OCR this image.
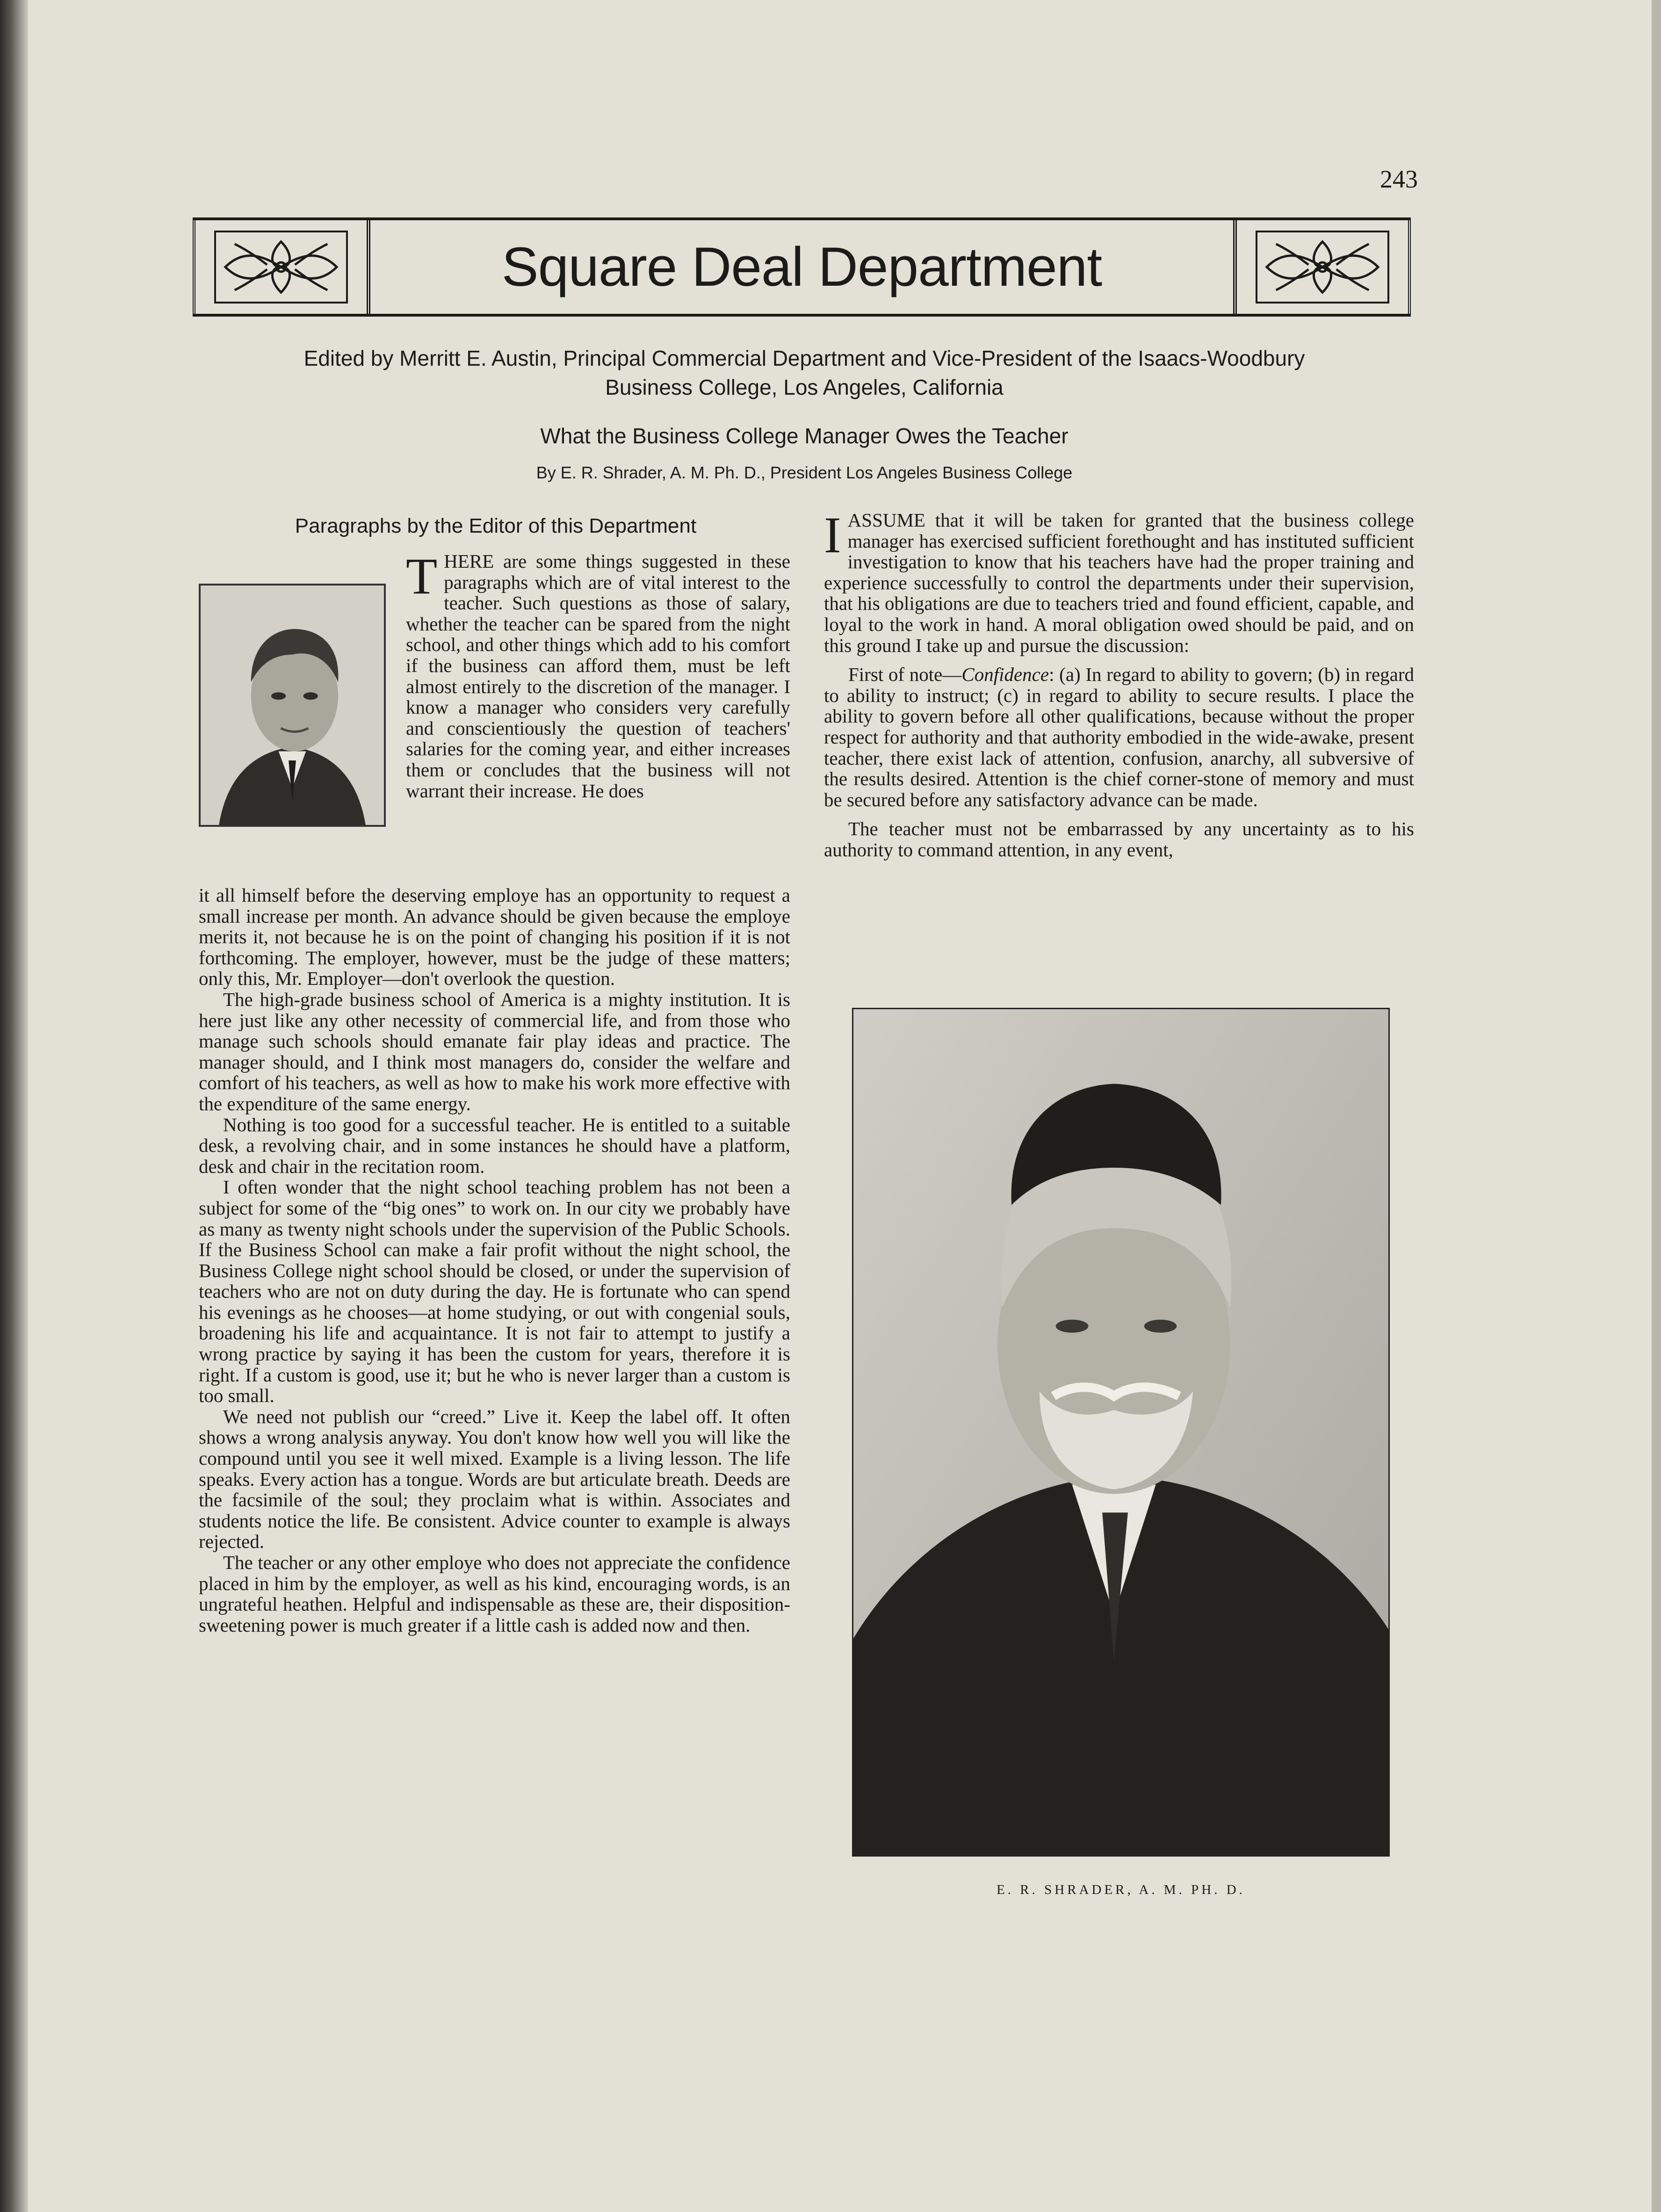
243
Square Deal Department
Edited by Merritt E. Austin, Principal Commercial Department and Vice-President of the Isaacs-Woodbury
Business College, Los Angeles, California
What the Business College Manager Owes the Teacher
By E. R. Shrader, A. M. Ph. D., President Los Angeles Business College
Paragraphs by the Editor of this Department

THERE are some things suggested in these paragraphs which are of vital interest to the teacher. Such questions as those of salary, whether the teacher can be spared from the night school, and other things which add to his comfort if the business can afford them, must be left almost entirely to the discretion of the manager. I know a manager who considers very carefully and conscientiously the question of teachers' salaries for the coming year, and either increases them or concludes that the business will not warrant their increase. He does

it all himself before the deserving employe has an opportunity to request a small increase per month. An advance should be given because the employe merits it, not because he is on the point of changing his position if it is not forthcoming. The employer, however, must be the judge of these matters; only this, Mr. Employer—don't overlook the question.

The high-grade business school of America is a mighty institution. It is here just like any other necessity of commercial life, and from those who manage such schools should emanate fair play ideas and practice. The manager should, and I think most managers do, consider the welfare and comfort of his teachers, as well as how to make his work more effective with the expenditure of the same energy.

Nothing is too good for a successful teacher. He is entitled to a suitable desk, a revolving chair, and in some instances he should have a platform, desk and chair in the recitation room.

I often wonder that the night school teaching problem has not been a subject for some of the “big ones” to work on. In our city we probably have as many as twenty night schools under the supervision of the Public Schools. If the Business School can make a fair profit without the night school, the Business College night school should be closed, or under the supervision of teachers who are not on duty during the day. He is fortunate who can spend his evenings as he chooses—at home studying, or out with congenial souls, broadening his life and acquaintance. It is not fair to attempt to justify a wrong practice by saying it has been the custom for years, therefore it is right. If a custom is good, use it; but he who is never larger than a custom is too small.

We need not publish our “creed.” Live it. Keep the label off. It often shows a wrong analysis anyway. You don't know how well you will like the compound until you see it well mixed. Example is a living lesson. The life speaks. Every action has a tongue. Words are but articulate breath. Deeds are the facsimile of the soul; they proclaim what is within. Associates and students notice the life. Be consistent. Advice counter to example is always rejected.

The teacher or any other employe who does not appreciate the confidence placed in him by the employer, as well as his kind, encouraging words, is an ungrateful heathen. Helpful and indispensable as these are, their disposition-sweetening power is much greater if a little cash is added now and then.

IASSUME that it will be taken for granted that the business college manager has exercised sufficient forethought and has instituted sufficient investigation to know that his teachers have had the proper training and experience successfully to control the departments under their supervision, that his obligations are due to teachers tried and found efficient, capable, and loyal to the work in hand. A moral obligation owed should be paid, and on this ground I take up and pursue the discussion:

First of note—Confidence: (a) In regard to ability to govern; (b) in regard to ability to instruct; (c) in regard to ability to secure results. I place the ability to govern before all other qualifications, because without the proper respect for authority and that authority embodied in the wide-awake, present teacher, there exist lack of attention, confusion, anarchy, all subversive of the results desired. Attention is the chief corner-stone of memory and must be secured before any satisfactory advance can be made.

The teacher must not be embarrassed by any uncertainty as to his authority to command attention, in any event,

E. R. SHRADER, A. M. PH. D.
